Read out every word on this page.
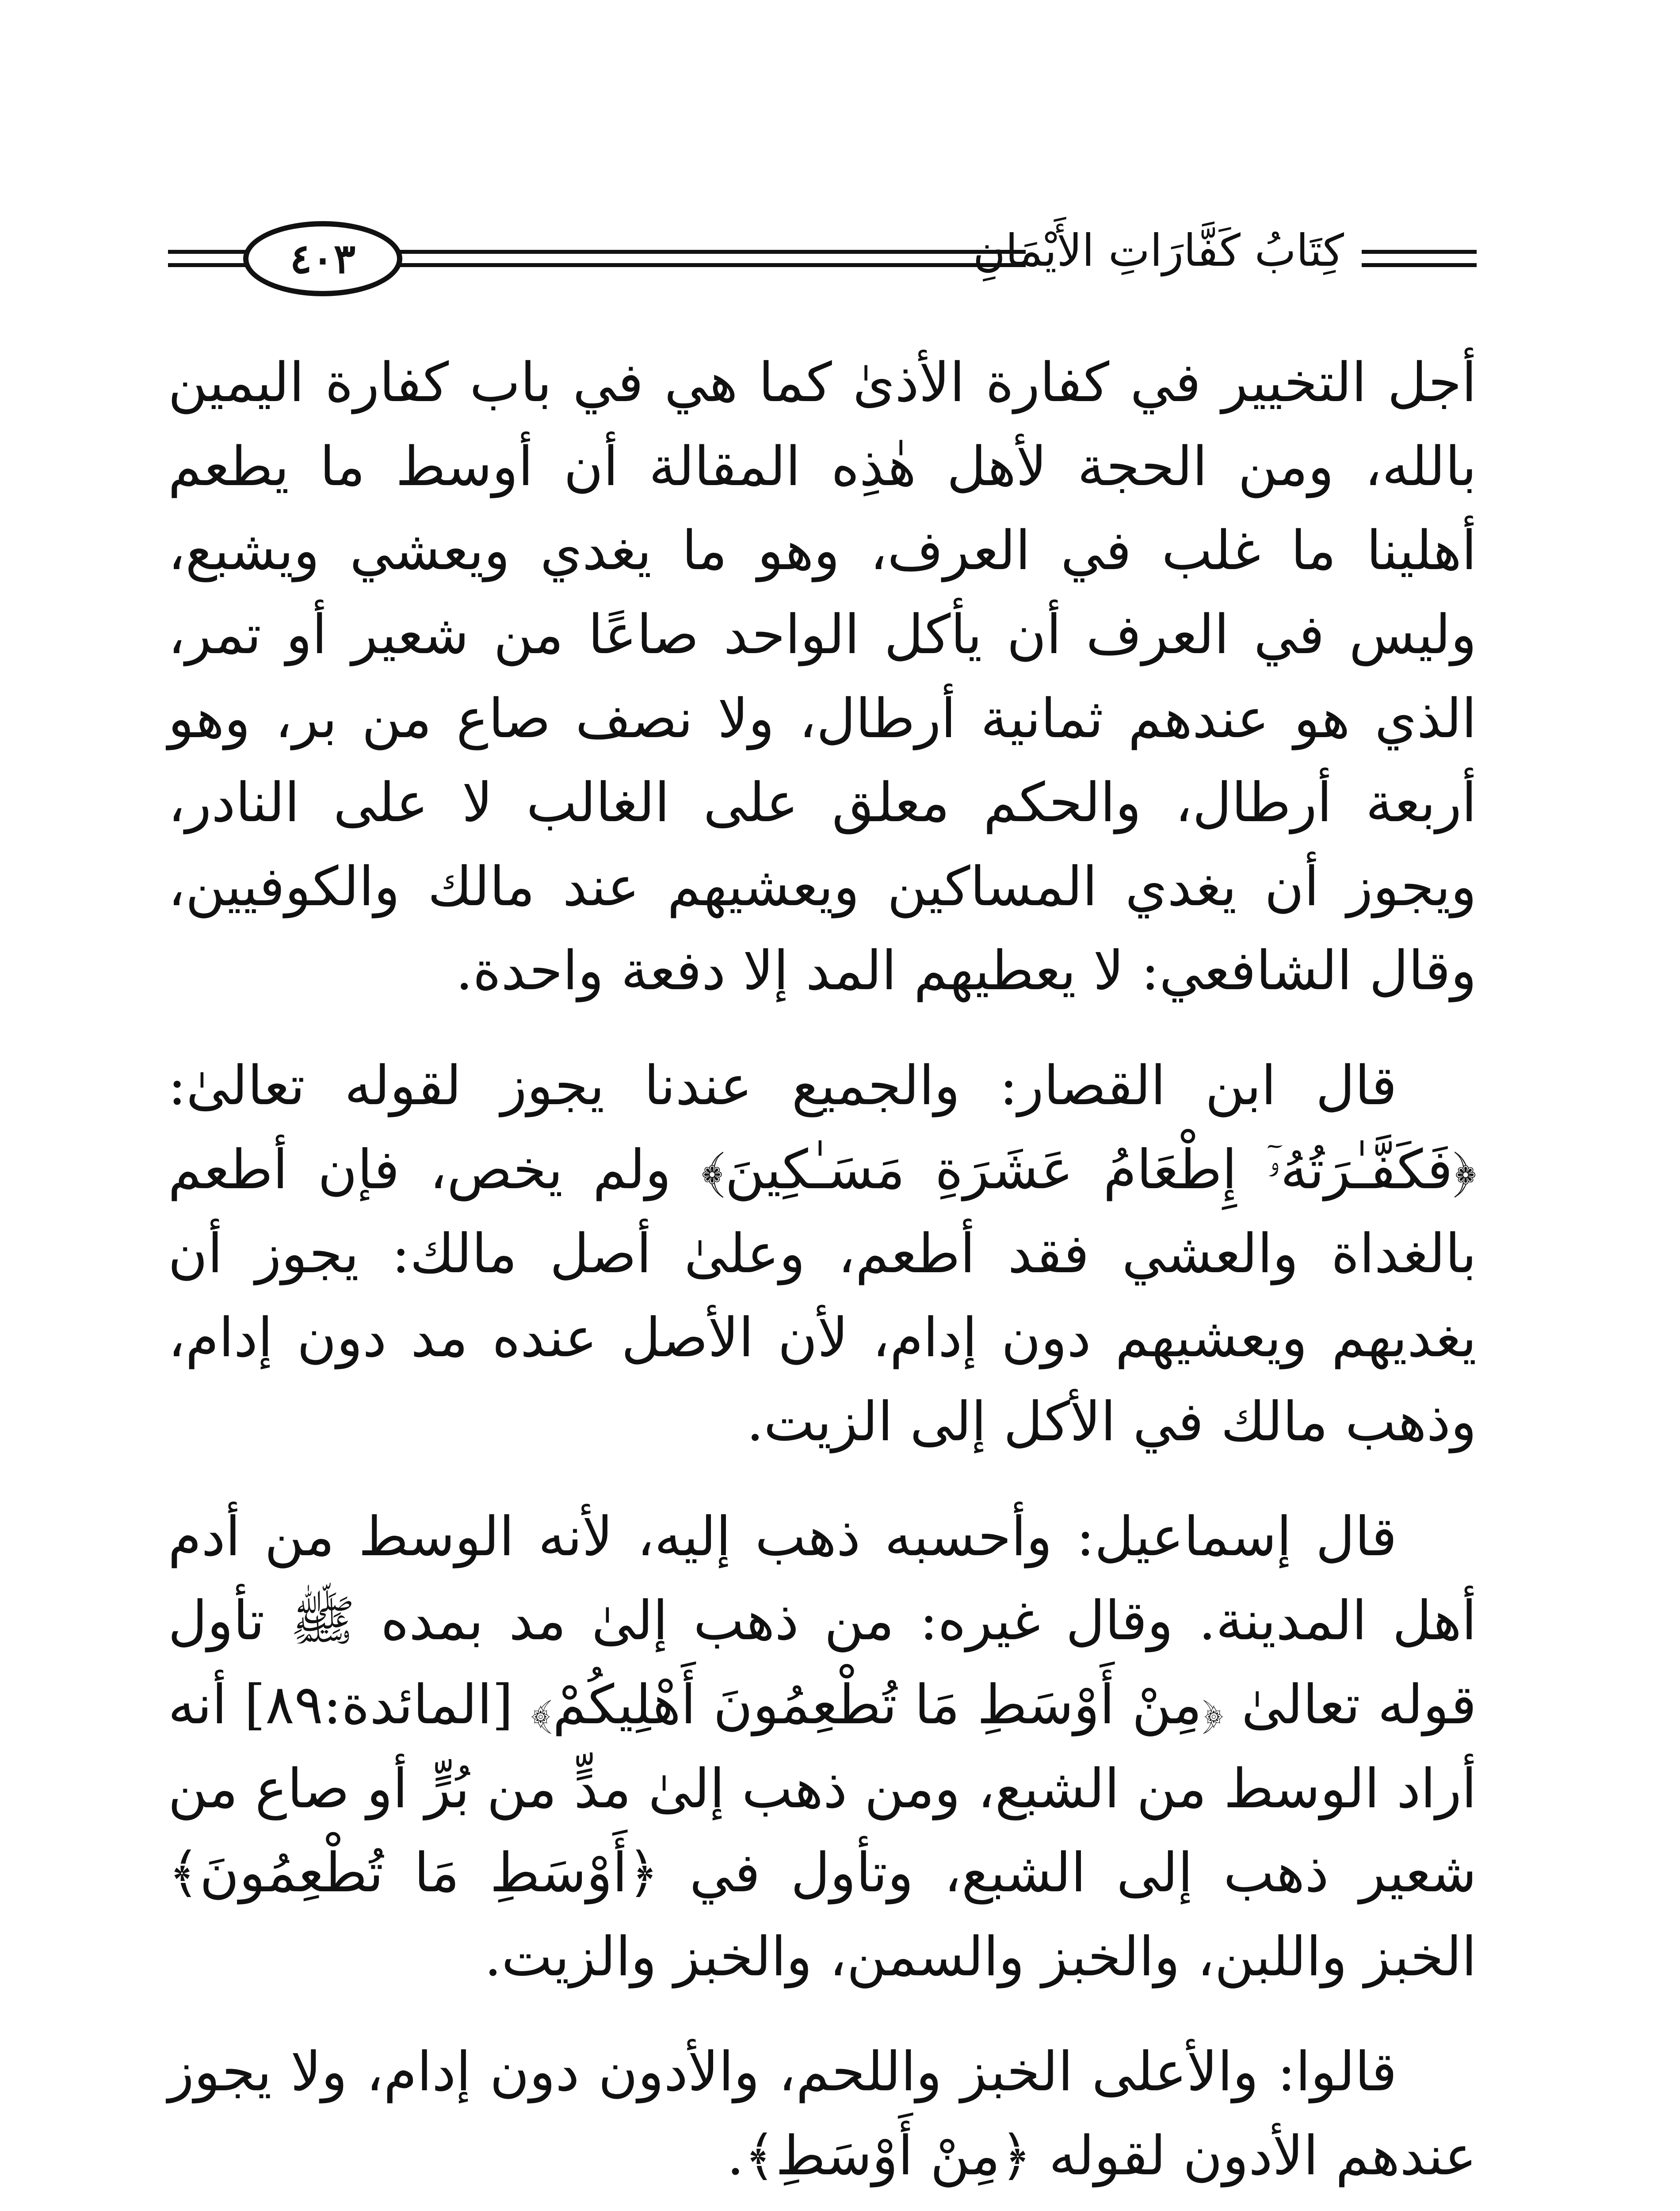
٤٠٣	كِتَابُ كَفَّارَاتِ الأَيْمَانِ

أجل التخيير في كفارة الأذىٰ كما هي في باب كفارة اليمين بالله، ومن الحجة لأهل هٰذِه المقالة أن أوسط ما يطعم أهلينا ما غلب في العرف، وهو ما يغدي ويعشي ويشبع، وليس في العرف أن يأكل الواحد صاعًا من شعير أو تمر، الذي هو عندهم ثمانية أرطال، ولا نصف صاع من بر، وهو أربعة أرطال، والحكم معلق على الغالب لا على النادر، ويجوز أن يغدي المساكين ويعشيهم عند مالك والكوفيين، وقال الشافعي: لا يعطيهم المد إلا دفعة واحدة.

قال ابن القصار: والجميع عندنا يجوز لقوله تعالىٰ: ﴿فَكَفَّـٰرَتُهُۥٓ إِطْعَامُ عَشَرَةِ مَسَـٰكِينَ﴾ ولم يخص، فإن أطعم بالغداة والعشي فقد أطعم، وعلىٰ أصل مالك: يجوز أن يغديهم ويعشيهم دون إدام، لأن الأصل عنده مد دون إدام، وذهب مالك في الأكل إلى الزيت.

قال إسماعيل: وأحسبه ذهب إليه، لأنه الوسط من أدم أهل المدينة. وقال غيره: من ذهب إلىٰ مد بمده ﷺ تأول قوله تعالىٰ ﴿مِنْ أَوْسَطِ مَا تُطْعِمُونَ أَهْلِيكُمْ﴾ [المائدة:٨٩] أنه أراد الوسط من الشبع، ومن ذهب إلىٰ مدٍّ من بُرٍّ أو صاع من شعير ذهب إلى الشبع، وتأول في ﴿أَوْسَطِ مَا تُطْعِمُونَ﴾ الخبز واللبن، والخبز والسمن، والخبز والزيت.

قالوا: والأعلى الخبز واللحم، والأدون دون إدام، ولا يجوز عندهم الأدون لقوله ﴿مِنْ أَوْسَطِ﴾.
